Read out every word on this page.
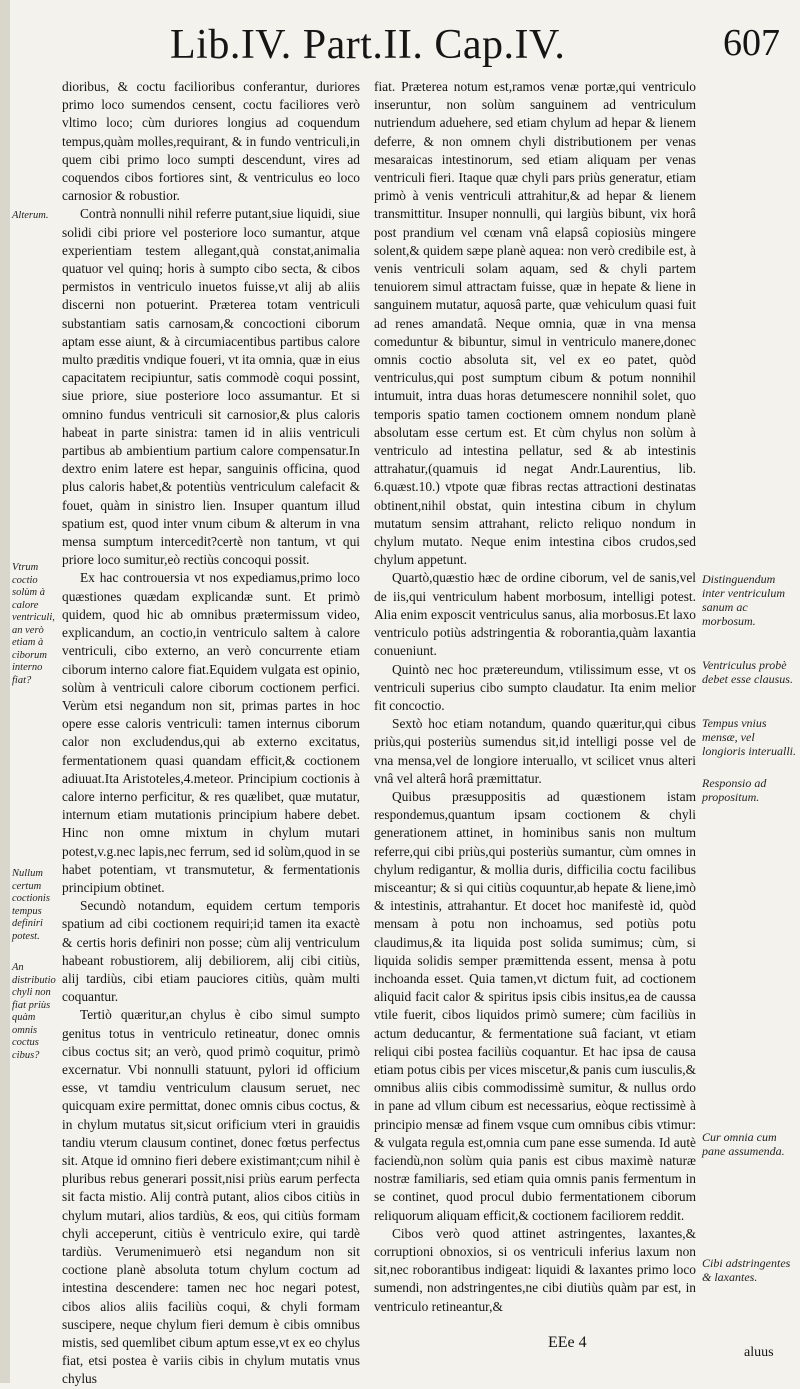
Lib.IV. Part.II. Cap.IV.	607

dioribus, & coctu facilioribus conferantur, duriores primo loco sumendos censent, coctu faciliores verò vltimo loco; cùm duriores longius ad coquendum tempus,quàm molles,requirant, & in fundo ventriculi,in quem cibi primo loco sumpti descendunt, vires ad coquendos cibos fortiores sint, & ventriculus eo loco carnosior & robustior.

Contrà nonnulli nihil referre putant,siue liquidi, siue solidi cibi priore vel posteriore loco sumantur, atque experientiam testem allegant,quà constat,animalia quatuor vel quinq; horis à sumpto cibo secta, & cibos permistos in ventriculo inuetos fuisse,vt alij ab aliis discerni non potuerint. Præterea totam ventriculi substantiam satis carnosam,& concoctioni ciborum aptam esse aiunt, & à circumiacentibus partibus calore multo præditis vndique foueri, vt ita omnia, quæ in eius capacitatem recipiuntur, satis commodè coqui possint, siue priore, siue posteriore loco assumantur. Et si omnino fundus ventriculi sit carnosior,& plus caloris habeat in parte sinistra: tamen id in aliis ventriculi partibus ab ambientium partium calore compensatur.In dextro enim latere est hepar, sanguinis officina, quod plus caloris habet,& potentiùs ventriculum calefacit & fouet, quàm in sinistro lien. Insuper quantum illud spatium est, quod inter vnum cibum & alterum in vna mensa sumptum intercedit?certè non tantum, vt qui priore loco sumitur,eò rectiùs concoqui possit.

Ex hac controuersia vt nos expediamus,primo loco quæstiones quædam explicandæ sunt. Et primò quidem, quod hic ab omnibus prætermissum video, explicandum, an coctio,in ventriculo saltem à calore ventriculi, cibo externo, an verò concurrente etiam ciborum interno calore fiat.Equidem vulgata est opinio, solùm à ventriculi calore ciborum coctionem perfici. Verùm etsi negandum non sit, primas partes in hoc opere esse caloris ventriculi: tamen internus ciborum calor non excludendus,qui ab externo excitatus, fermentationem quasi quandam efficit,& coctionem adiuuat.Ita Aristoteles,4.meteor. Principium coctionis à calore interno perficitur, & res quælibet, quæ mutatur, internum etiam mutationis principium habere debet. Hinc non omne mixtum in chylum mutari potest,v.g.nec lapis,nec ferrum, sed id solùm,quod in se habet potentiam, vt transmutetur, & fermentationis principium obtinet.

Secundò notandum, equidem certum temporis spatium ad cibi coctionem requiri;id tamen ita exactè & certis horis definiri non posse; cùm alij ventriculum habeant robustiorem, alij debiliorem, alij cibi citiùs, alij tardiùs, cibi etiam pauciores citiùs, quàm multi coquantur.

Tertiò quæritur,an chylus è cibo simul sumpto genitus totus in ventriculo retineatur, donec omnis cibus coctus sit; an verò, quod primò coquitur, primò excernatur. Vbi nonnulli statuunt, pylori id officium esse, vt tamdiu ventriculum clausum seruet, nec quicquam exire permittat, donec omnis cibus coctus, & in chylum mutatus sit,sicut orificium vteri in grauidis tandiu vterum clausum continet, donec fœtus perfectus sit. Atque id omnino fieri debere existimant;cum nihil è pluribus rebus generari possit,nisi priùs earum perfecta sit facta mistio. Alij contrà putant, alios cibos citiùs in chylum mutari, alios tardiùs, & eos, qui citiùs formam chyli acceperunt, citiùs è ventriculo exire, qui tardè tardiùs. Verumenimuerò etsi negandum non sit coctione planè absoluta totum chylum coctum ad intestina descendere: tamen nec hoc negari potest, cibos alios aliis faciliùs coqui, & chyli formam suscipere, neque chylum fieri demum è cibis omnibus mistis, sed quemlibet cibum aptum esse,vt ex eo chylus fiat, etsi postea è variis cibis in chylum mutatis vnus chylus

fiat. Præterea notum est,ramos venæ portæ,qui ventriculo inseruntur, non solùm sanguinem ad ventriculum nutriendum aduehere, sed etiam chylum ad hepar & lienem deferre, & non omnem chyli distributionem per venas mesaraicas intestinorum, sed etiam aliquam per venas ventriculi fieri. Itaque quæ chyli pars priùs generatur, etiam primò à venis ventriculi attrahitur,& ad hepar & lienem transmittitur. Insuper nonnulli, qui largiùs bibunt, vix horâ post prandium vel cœnam vnâ elapsâ copiosiùs mingere solent,& quidem sæpe planè aquea: non verò credibile est, à venis ventriculi solam aquam, sed & chyli partem tenuiorem simul attractam fuisse, quæ in hepate & liene in sanguinem mutatur, aquosâ parte, quæ vehiculum quasi fuit ad renes amandatâ. Neque omnia, quæ in vna mensa comeduntur & bibuntur, simul in ventriculo manere,donec omnis coctio absoluta sit, vel ex eo patet, quòd ventriculus,qui post sumptum cibum & potum nonnihil intumuit, intra duas horas detumescere nonnihil solet, quo temporis spatio tamen coctionem omnem nondum planè absolutam esse certum est. Et cùm chylus non solùm à ventriculo ad intestina pellatur, sed & ab intestinis attrahatur,(quamuis id negat Andr.Laurentius, lib. 6.quæst.10.) vtpote quæ fibras rectas attractioni destinatas obtinent,nihil obstat, quin intestina cibum in chylum mutatum sensim attrahant, relicto reliquo nondum in chylum mutato. Neque enim intestina cibos crudos,sed chylum appetunt.

Quartò,quæstio hæc de ordine ciborum, vel de sanis,vel de iis,qui ventriculum habent morbosum, intelligi potest. Alia enim exposcit ventriculus sanus, alia morbosus.Et laxo ventriculo potiùs adstringentia & roborantia,quàm laxantia conueniunt.

Quintò nec hoc prætereundum, vtilissimum esse, vt os ventriculi superius cibo sumpto claudatur. Ita enim melior fit concoctio.

Sextò hoc etiam notandum, quando quæritur,qui cibus priùs,qui posteriùs sumendus sit,id intelligi posse vel de vna mensa,vel de longiore interuallo, vt scilicet vnus alteri vnâ vel alterâ horâ præmittatur.

Quibus præsuppositis ad quæstionem istam respondemus,quantum ipsam coctionem & chyli generationem attinet, in hominibus sanis non multum referre,qui cibi priùs,qui posteriùs sumantur, cùm omnes in chylum redigantur, & mollia duris, difficilia coctu facilibus misceantur; & si qui citiùs coquuntur,ab hepate & liene,imò & intestinis, attrahantur. Et docet hoc manifestè id, quòd mensam à potu non inchoamus, sed potiùs potu claudimus,& ita liquida post solida sumimus; cùm, si liquida solidis semper præmittenda essent, mensa à potu inchoanda esset. Quia tamen,vt dictum fuit, ad coctionem aliquid facit calor & spiritus ipsis cibis insitus,ea de caussa vtile fuerit, cibos liquidos primò sumere; cùm faciliùs in actum deducantur, & fermentatione suâ faciant, vt etiam reliqui cibi postea faciliùs coquantur. Et hac ipsa de causa etiam potus cibis per vices miscetur,& panis cum iusculis,& omnibus aliis cibis commodissimè sumitur, & nullus ordo in pane ad vllum cibum est necessarius, eòque rectissimè à principio mensæ ad finem vsque cum omnibus cibis vtimur: & vulgata regula est,omnia cum pane esse sumenda. Id autè faciendù,non solùm quia panis est cibus maximè naturæ nostræ familiaris, sed etiam quia omnis panis fermentum in se continet, quod procul dubio fermentationem ciborum reliquorum aliquam efficit,& coctionem faciliorem reddit.

Cibos verò quod attinet astringentes, laxantes,& corruptioni obnoxios, si os ventriculi inferius laxum non sit,nec roborantibus indigeat: liquidi & laxantes primo loco sumendi, non adstringentes,ne cibi diutiùs quàm par est, in ventriculo retineantur,&

Alterum.
Vtrum coctio solùm à calore ventriculi, an verò etiam à ciborum interno fiat?
Nullum certum coctionis tempus definiri potest.
An distributio chyli non fiat priùs quàm omnis coctus cibus?
Distinguendum inter ventriculum sanum ac morbosum.
Ventriculus probè debet esse clausus.
Tempus vnius mensæ, vel longioris interualli.
Responsio ad propositum.
Cur omnia cum pane assumenda.
Cibi adstringentes & laxantes.
EEe 4
aluus
